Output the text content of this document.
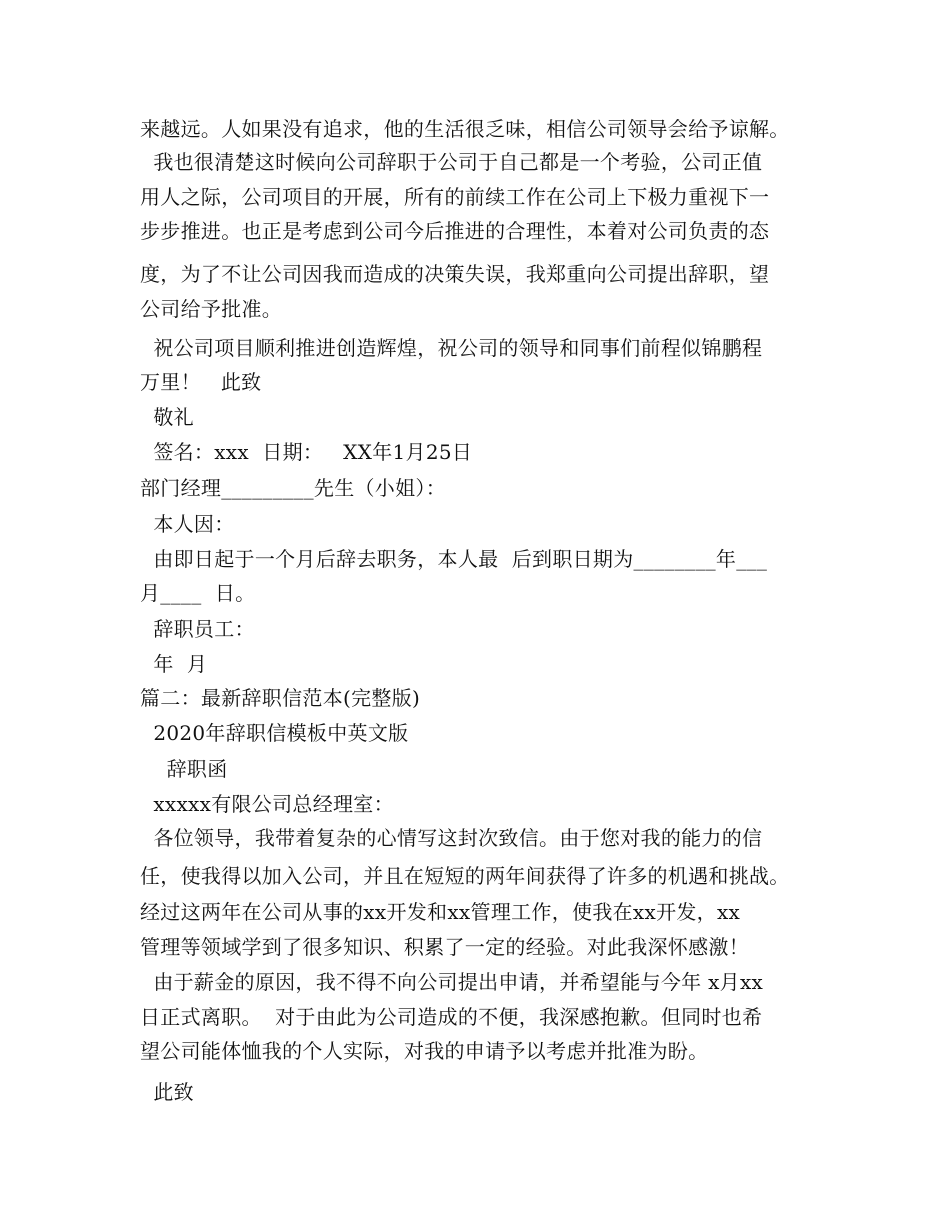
来越远。人如果没有追求，他的生活很乏味，相信公司领导会给予谅解。

我也很清楚这时候向公司辞职于公司于自己都是一个考验，公司正值

用人之际，公司项目的开展，所有的前续工作在公司上下极力重视下一

步步推进。也正是考虑到公司今后推进的合理性，本着对公司负责的态

度，为了不让公司因我而造成的决策失误，我郑重向公司提出辞职，望

公司给予批准。

祝公司项目顺利推进创造辉煌，祝公司的领导和同事们前程似锦鹏程

万里！   此致

敬礼

签名：xxx  日期：   XX年1月25日

部门经理_________先生（小姐）：

本人因：

由即日起于一个月后辞去职务，本人最  后到职日期为________年___

月____  日。

辞职员工：

年  月

篇二：最新辞职信范本(完整版)

2020年辞职信模板中英文版

辞职函

xxxxx有限公司总经理室：

各位领导，我带着复杂的心情写这封次致信。由于您对我的能力的信

任，使我得以加入公司，并且在短短的两年间获得了许多的机遇和挑战。

经过这两年在公司从事的xx开发和xx管理工作，使我在xx开发，xx

管理等领域学到了很多知识、积累了一定的经验。对此我深怀感激！

由于薪金的原因，我不得不向公司提出申请，并希望能与今年 x月xx

日正式离职。  对于由此为公司造成的不便，我深感抱歉。但同时也希

望公司能体恤我的个人实际，对我的申请予以考虑并批准为盼。

此致
